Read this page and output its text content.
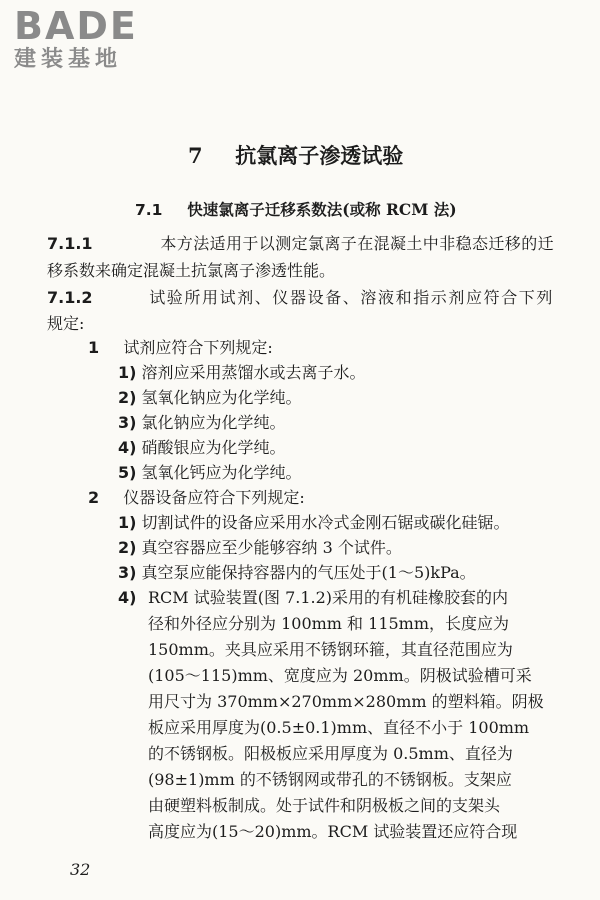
BADE
建装基地
7 抗氯离子渗透试验
7.1 快速氯离子迁移系数法(或称 RCM 法)
7.1.1	本方法适用于以测定氯离子在混凝土中非稳态迁移的迁
移系数来确定混凝土抗氯离子渗透性能。
7.1.2	试验所用试剂、仪器设备、溶液和指示剂应符合下列
规定:
1 试剂应符合下列规定:
1) 溶剂应采用蒸馏水或去离子水。
2) 氢氧化钠应为化学纯。
3) 氯化钠应为化学纯。
4) 硝酸银应为化学纯。
5) 氢氧化钙应为化学纯。
2 仪器设备应符合下列规定:
1) 切割试件的设备应采用水冷式金刚石锯或碳化硅锯。
2) 真空容器应至少能够容纳 3 个试件。
3) 真空泵应能保持容器内的气压处于(1～5)kPa。
4) RCM 试验装置(图 7.1.2)采用的有机硅橡胶套的内
径和外径应分别为 100mm 和 115mm，长度应为
150mm。夹具应采用不锈钢环箍，其直径范围应为
(105～115)mm、宽度应为 20mm。阴极试验槽可采
用尺寸为 370mm×270mm×280mm 的塑料箱。阴极
板应采用厚度为(0.5±0.1)mm、直径不小于 100mm
的不锈钢板。阳极板应采用厚度为 0.5mm、直径为
(98±1)mm 的不锈钢网或带孔的不锈钢板。支架应
由硬塑料板制成。处于试件和阴极板之间的支架头
高度应为(15～20)mm。RCM 试验装置还应符合现
32
